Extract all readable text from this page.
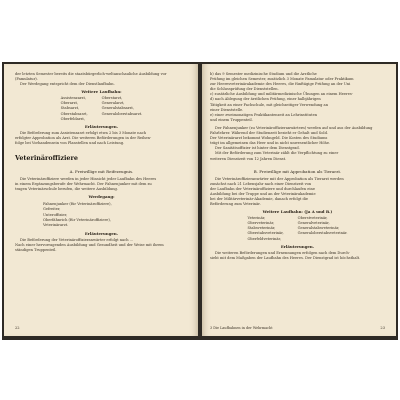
der letzten Semester bereits die staatsbürgerlich-weltanschauliche Ausbildung vor

(Famulatur).

Der Werdegang entspricht dem der Dienstlaufbahn.

Weitere Laufbahn:
Assistenzarzt,
Oberarzt,
Stabsarzt,
Oberstabsarzt,
Oberfeldarzt,
Oberstarzt,
Generalarzt,
Generalstabsarzt,
Generaloberstabsarzt.
Erläuterungen.

Die Beförderung zum Assistenzarzt erfolgt etwa 2 bis 3 Monate nach

erfolgter Approbation als Arzt. Die weiteren Beförderungen in der Reihen-

folge bei Vorhandensein von Planstellen und nach Leistung.

Veterinäroffiziere
A. Freiwillige mit Reifezeugnis.

Die Veterinäroffiziere werden in jeder Hinsicht jeder Laufbahn des Heeres

in einem Ergänzungsberufe der Wehrmacht. Der Fahnenjunker mit dem zu

tragen Veterinärschule berufen, die weitere Ausbildung.

Werdegang:

Fahnenjunker (für Veterinäroffiziere),

Gefreiter,

Unteroffizier,

Oberfähnrich (für Veterinäroffiziere),

Veterinärarzt.

Erläuterungen.

Die Beförderung der Veterinäroffizieranwärter erfolgt nach ...

Nach einer hervorragenden Ausbildung und Gesundheit und der Weise mit ihrem

ständigen Truppenteil.

22

b) das 9 Semester medizinische Studium und die Arztliche

Prüfung im gleichen Semester, zusätzlich 3 Monate Famulatur oder Praktikum

zur Heeresveterinärakademie des Heeres, die fünftägige Prüfung an der Uni

die Schlussprüfung der Dienststellen.

c) zusätzliche Ausbildung und militärmedizinische Übungen an einem Heeres-

d) nach Ablegung der ärztlichen Prüfung, einer halbjährigen

Tätigkeit an einer Fachschule, mit gleichzeitiger Verwendung an

einer Dienststelle.

e) einer zweimonatigen Praktikantenzeit an Lehrinstituten

und einem Truppenteil.

Der Fahnenjunker (zu Veterinäroffizieranwärtern) werden auf und aus der Ausbildung

Fahrlehrer. Während der Studienzeit bezieht er Gehalt und Sold.

Der Veterinärarzt bekommt Wohngeld. Die Kosten des Studiums

trägt im allgemeinen das Heer und in nicht unwesentlicher Höhe.

Der Sanitätsoffizier ist hinter dem Dienstgrad.

Mit der Beförderung zum Veterinär zählt die Verpflichtung zu einer

weiteren Dienstzeit von 12 Jahren Dienst.

B. Freiwillige mit Approbation als Tierarzt.

Die Veterinäroffizieranwärter mit der Approbation als Tierarzt werden

zunächst nach 21 Lebensjahr nach einer Dienstzeit von

der Laufbahn der Veterinäroffiziere und durchlaufen eine

Ausbildung bei der Truppe und an der Veterinärakademie

bei der Militärveterinär-Akademie, danach erfolgt die

Beförderung zum Veterinär.

Weitere Laufbahn: (Ja A und B.)
Veterinär,
Oberveterinär,
Stabsveterinär,
Oberstabsveterinär,
Oberfeldveterinär,
Oberstveterinär,
Generalveterinär,
Generalstabsveterinär,
Generaloberstabsveterinär.
Erläuterungen.

Die weiteren Beförderungen und Ernennungen erfolgen nach dem Durch-

sieht mit dem Maßgaben der Laufbahn des Heeres. Der Dienstgrad ist höchsthalt.

3 Die Laufbahnen in der Wehrmacht	23
